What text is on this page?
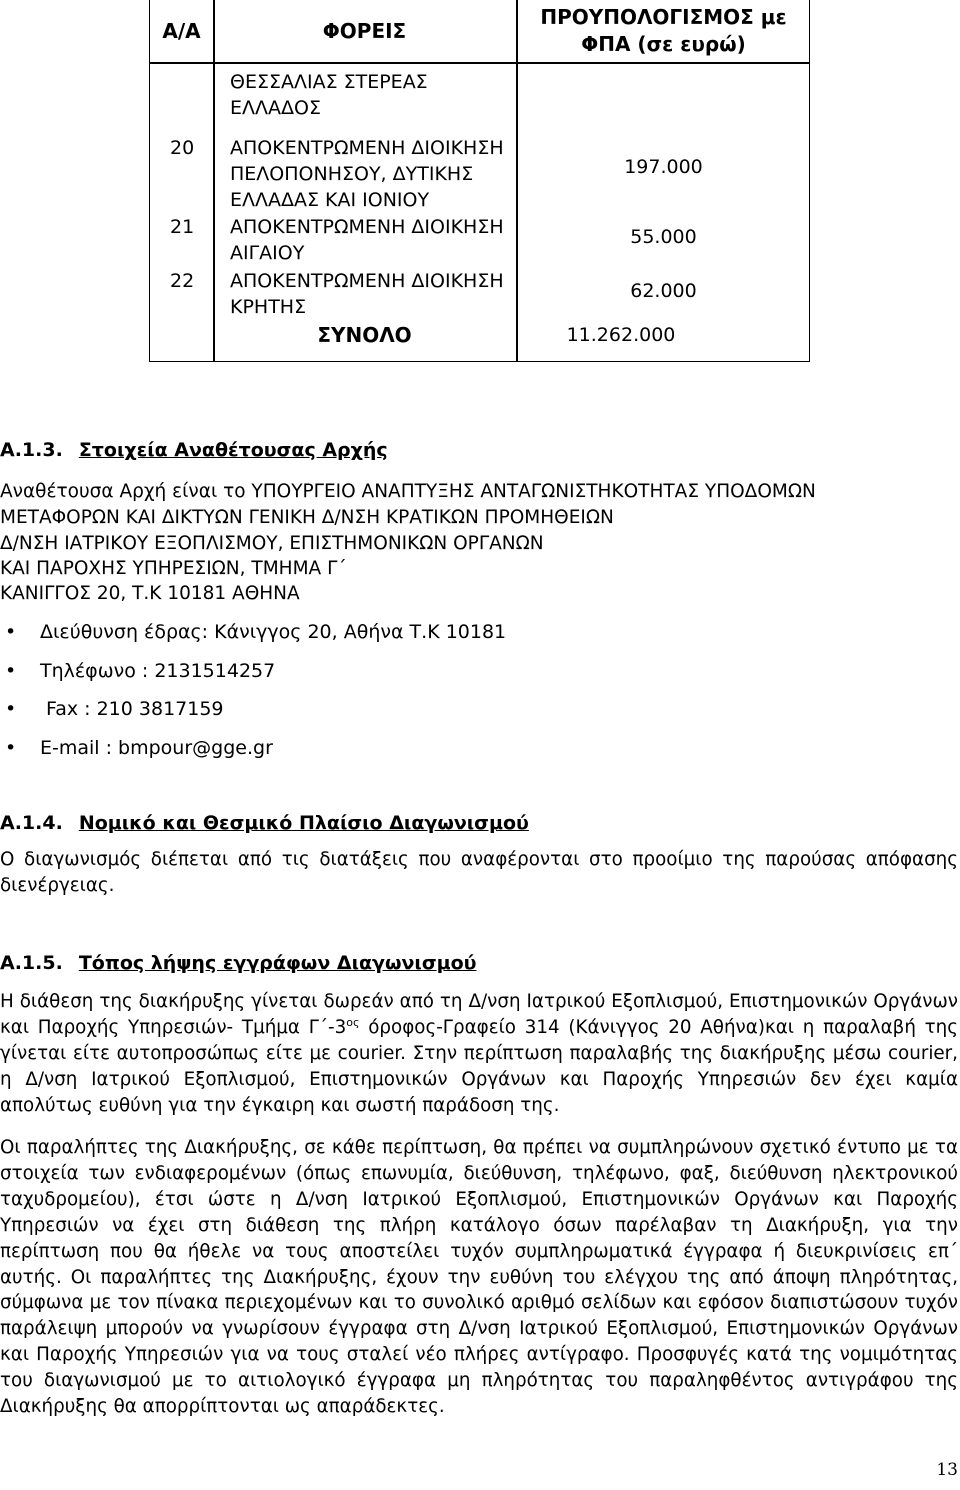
Α/Α	ΦΟΡΕΙΣ
ΠΡΟΥΠΟΛΟΓΙΣΜΟΣ με
ΦΠΑ (σε ευρώ)
ΘΕΣΣΑΛΙΑΣ ΣΤΕΡΕΑΣ
ΕΛΛΑΔΟΣ
20 ΑΠΟΚΕΝΤΡΩΜΕΝΗ ΔΙΟΙΚΗΣΗ
ΠΕΛΟΠΟΝΗΣΟΥ, ΔΥΤΙΚΗΣ
ΕΛΛΑΔΑΣ ΚΑΙ ΙΟΝΙΟΥ
197.000
21 ΑΠΟΚΕΝΤΡΩΜΕΝΗ ΔΙΟΙΚΗΣΗ
ΑΙΓΑΙΟΥ
55.000
22 ΑΠΟΚΕΝΤΡΩΜΕΝΗ ΔΙΟΙΚΗΣΗ
ΚΡΗΤΗΣ
62.000
ΣΥΝΟΛΟ	11.262.000
Α.1.3. Στοιχεία Αναθέτουσας Αρχής
Αναθέτουσα Αρχή είναι το ΥΠΟΥΡΓΕΙΟ ΑΝΑΠΤΥΞΗΣ ΑΝΤΑΓΩΝΙΣΤΗΚΟΤΗΤΑΣ ΥΠΟΔΟΜΩΝ
ΜΕΤΑΦΟΡΩΝ ΚΑΙ ΔΙΚΤΥΩΝ ΓΕΝΙΚΗ Δ/ΝΣΗ ΚΡΑΤΙΚΩΝ ΠΡΟΜΗΘΕΙΩΝ
Δ/ΝΣΗ ΙΑΤΡΙΚΟΥ ΕΞΟΠΛΙΣΜΟΥ, ΕΠΙΣΤΗΜΟΝΙΚΩΝ ΟΡΓΑΝΩΝ
ΚΑΙ ΠΑΡΟΧΗΣ ΥΠΗΡΕΣΙΩΝ, ΤΜΗΜΑ Γ΄
ΚΑΝΙΓΓΟΣ 20, Τ.Κ 10181 ΑΘΗΝΑ
• Διεύθυνση έδρας: Κάνιγγος 20, Αθήνα Τ.Κ 10181
• Τηλέφωνο : 2131514257
• Fax : 210 3817159
• E-mail : bmpour@gge.gr
Α.1.4. Νομικό και Θεσμικό Πλαίσιο Διαγωνισμού
Ο διαγωνισμός διέπεται από τις διατάξεις που αναφέρονται στο προοίμιο της παρούσας απόφασης διενέργειας.
Α.1.5. Τόπος λήψης εγγράφων Διαγωνισμού
Η διάθεση της διακήρυξης γίνεται δωρεάν από τη Δ/νση Ιατρικού Εξοπλισμού, Επιστημονικών Οργάνων και Παροχής Υπηρεσιών- Τμήμα $\Gamma΄-3^{o\varsigma}$ όροφος-Γραφείο 314 (Κάνιγγος 20 Αθήνα)και η παραλαβή της γίνεται είτε αυτοπροσώπως είτε με courier. Στην περίπτωση παραλαβής της διακήρυξης μέσω courier, η Δ/νση Ιατρικού Εξοπλισμού, Επιστημονικών Οργάνων και Παροχής Υπηρεσιών δεν έχει καμία απολύτως ευθύνη για την έγκαιρη και σωστή παράδοση της.
Οι παραλήπτες της Διακήρυξης, σε κάθε περίπτωση, θα πρέπει να συμπληρώνουν σχετικό έντυπο με τα στοιχεία των ενδιαφερομένων (όπως επωνυμία, διεύθυνση, τηλέφωνο, φαξ, διεύθυνση ηλεκτρονικού ταχυδρομείου), έτσι ώστε η Δ/νση Ιατρικού Εξοπλισμού, Επιστημονικών Οργάνων και Παροχής Υπηρεσιών να έχει στη διάθεση της πλήρη κατάλογο όσων παρέλαβαν τη Διακήρυξη, για την περίπτωση που θα ήθελε να τους αποστείλει τυχόν συμπληρωματικά έγγραφα ή διευκρινίσεις επ΄ αυτής. Οι παραλήπτες της Διακήρυξης, έχουν την ευθύνη του ελέγχου της από άποψη πληρότητας, σύμφωνα με τον πίνακα περιεχομένων και το συνολικό αριθμό σελίδων και εφόσον διαπιστώσουν τυχόν παράλειψη μπορούν να γνωρίσουν έγγραφα στη Δ/νση Ιατρικού Εξοπλισμού, Επιστημονικών Οργάνων και Παροχής Υπηρεσιών για να τους σταλεί νέο πλήρες αντίγραφο. Προσφυγές κατά της νομιμότητας του διαγωνισμού με το αιτιολογικό έγγραφα μη πληρότητας του παραληφθέντος αντιγράφου της Διακήρυξης θα απορρίπτονται ως απαράδεκτες.
13
